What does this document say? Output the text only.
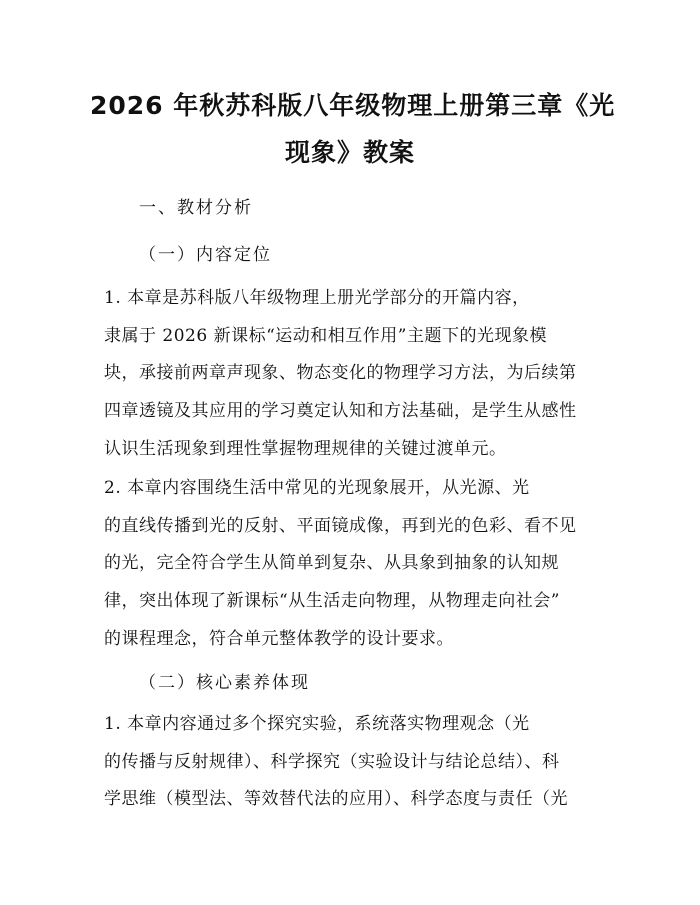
2026 年秋苏科版八年级物理上册第三章《光
现象》教案
一、教材分析
（一）内容定位
1. 本章是苏科版八年级物理上册光学部分的开篇内容，
隶属于 2026 新课标“运动和相互作用”主题下的光现象模
块，承接前两章声现象、物态变化的物理学习方法，为后续第
四章透镜及其应用的学习奠定认知和方法基础，是学生从感性
认识生活现象到理性掌握物理规律的关键过渡单元。
2. 本章内容围绕生活中常见的光现象展开，从光源、光
的直线传播到光的反射、平面镜成像，再到光的色彩、看不见
的光，完全符合学生从简单到复杂、从具象到抽象的认知规
律，突出体现了新课标“从生活走向物理，从物理走向社会”
的课程理念，符合单元整体教学的设计要求。
（二）核心素养体现
1. 本章内容通过多个探究实验，系统落实物理观念（光
的传播与反射规律）、科学探究（实验设计与结论总结）、科
学思维（模型法、等效替代法的应用）、科学态度与责任（光
